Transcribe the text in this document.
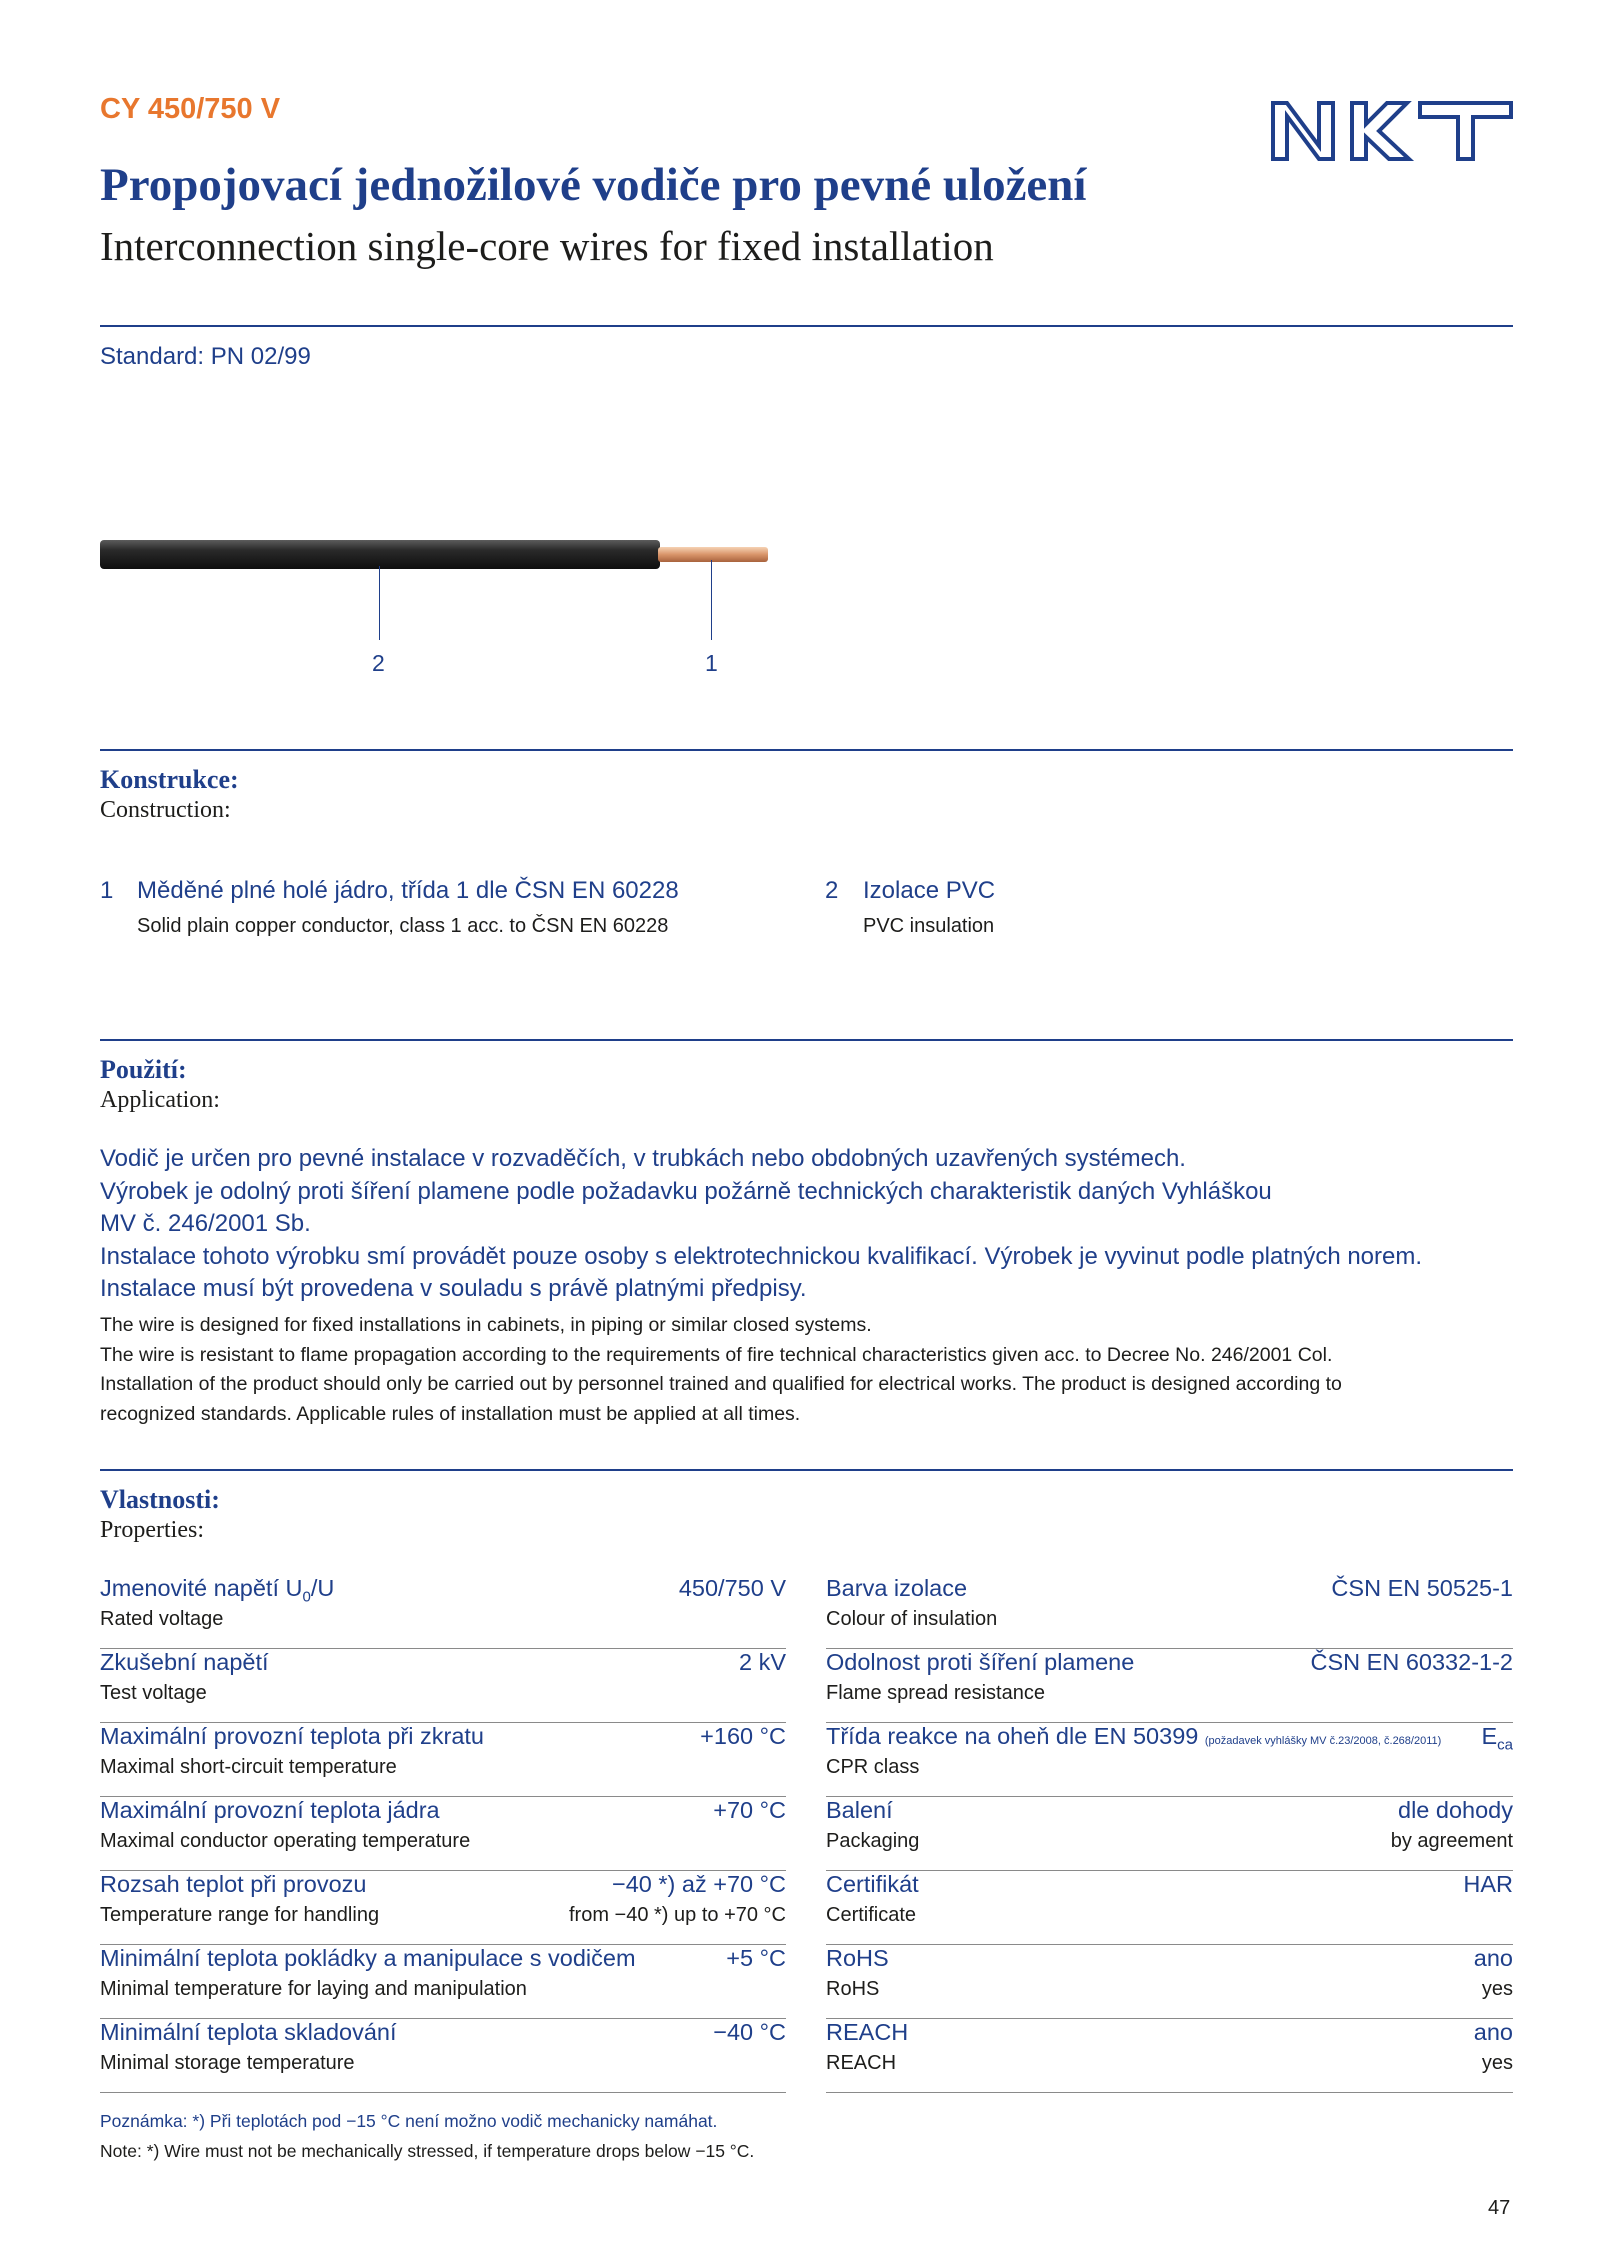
CY 450/750 V
Propojovací jednožilové vodiče pro pevné uložení
Interconnection single-core wires for fixed installation
Standard: PN 02/99
2	1
Konstrukce:
Construction:
1 Měděné plné holé jádro, třída 1 dle ČSN EN 60228
Solid plain copper conductor, class 1 acc. to ČSN EN 60228
2 Izolace PVC
PVC insulation
Použití:
Application:
Vodič je určen pro pevné instalace v rozvaděčích, v trubkách nebo obdobných uzavřených systémech.
Výrobek je odolný proti šíření plamene podle požadavku požárně technických charakteristik daných Vyhláškou
MV č. 246/2001 Sb.
Instalace tohoto výrobku smí provádět pouze osoby s elektrotechnickou kvalifikací. Výrobek je vyvinut podle platných norem.
Instalace musí být provedena v souladu s právě platnými předpisy.
The wire is designed for fixed installations in cabinets, in piping or similar closed systems.
The wire is resistant to flame propagation according to the requirements of fire technical characteristics given acc. to Decree No. 246/2001 Col.
Installation of the product should only be carried out by personnel trained and qualified for electrical works. The product is designed according to
recognized standards. Applicable rules of installation must be applied at all times.
Vlastnosti:
Properties:
Jmenovité napětí $U_0/U$
Rated voltage
450/750 V
Zkušební napětí
Test voltage
2 kV
Maximální provozní teplota při zkratu
Maximal short-circuit temperature
+160 °C
Maximální provozní teplota jádra
Maximal conductor operating temperature
+70 °C
Rozsah teplot při provozu
Temperature range for handling
−40 *) až +70 °C
from −40 *) up to +70 °C
Minimální teplota pokládky a manipulace s vodičem
Minimal temperature for laying and manipulation
+5 °C
Minimální teplota skladování
Minimal storage temperature
−40 °C
Barva izolace
Colour of insulation
ČSN EN 50525-1
Odolnost proti šíření plamene
Flame spread resistance
ČSN EN 60332-1-2
Třída reakce na oheň dle EN 50399 (požadavek vyhlášky MV č.23/2008, č.268/2011)
CPR class
$E_{ca}$
Balení
Packaging
dle dohody
by agreement
Certifikát
Certificate
HAR
RoHS
RoHS
ano
yes
REACH
REACH
ano
yes
Poznámka: *) Při teplotách pod −15 °C není možno vodič mechanicky namáhat.
Note: *) Wire must not be mechanically stressed, if temperature drops below −15 °C.
47
